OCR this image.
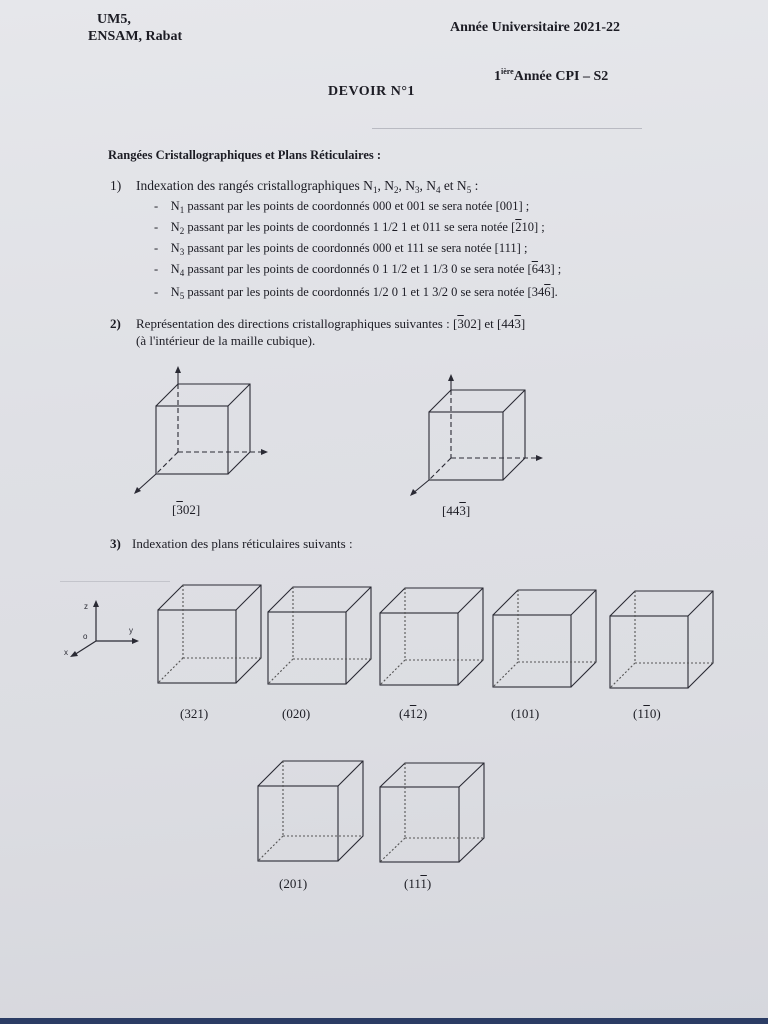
UM5,
ENSAM, Rabat
Année Universitaire 2021-22
$1^{ière}Année$ CPI – S2
DEVOIR N°1
Rangées Cristallographiques et Plans Réticulaires :
1) Indexation des rangés cristallographiques $N_1$, $N_2$, $N_3$, $N_4$ et $N_5$ :
- $N_1$ passant par les points de coordonnés 000 et 001 se sera notée [001] ;
- $N_2$ passant par les points de coordonnés 1 1/2 1 et 011 se sera notée [210] ;
- $N_3$ passant par les points de coordonnés 000 et 111 se sera notée [111] ;
- $N_4$ passant par les points de coordonnés 0 1 1/2 et 1 1/3 0 se sera notée [643] ;
- $N_5$ passant par les points de coordonnés 1/2 0 1 et 1 3/2 0 se sera notée [346].
2) Représentation des directions cristallographiques suivantes : [302] et [443]
(à l'intérieur de la maille cubique).
[302]	[443]
3) Indexation des plans réticulaires suivants :
z
y
x
o
(321)	(020)	(412)	(101)	(110)
(201)	(111)
